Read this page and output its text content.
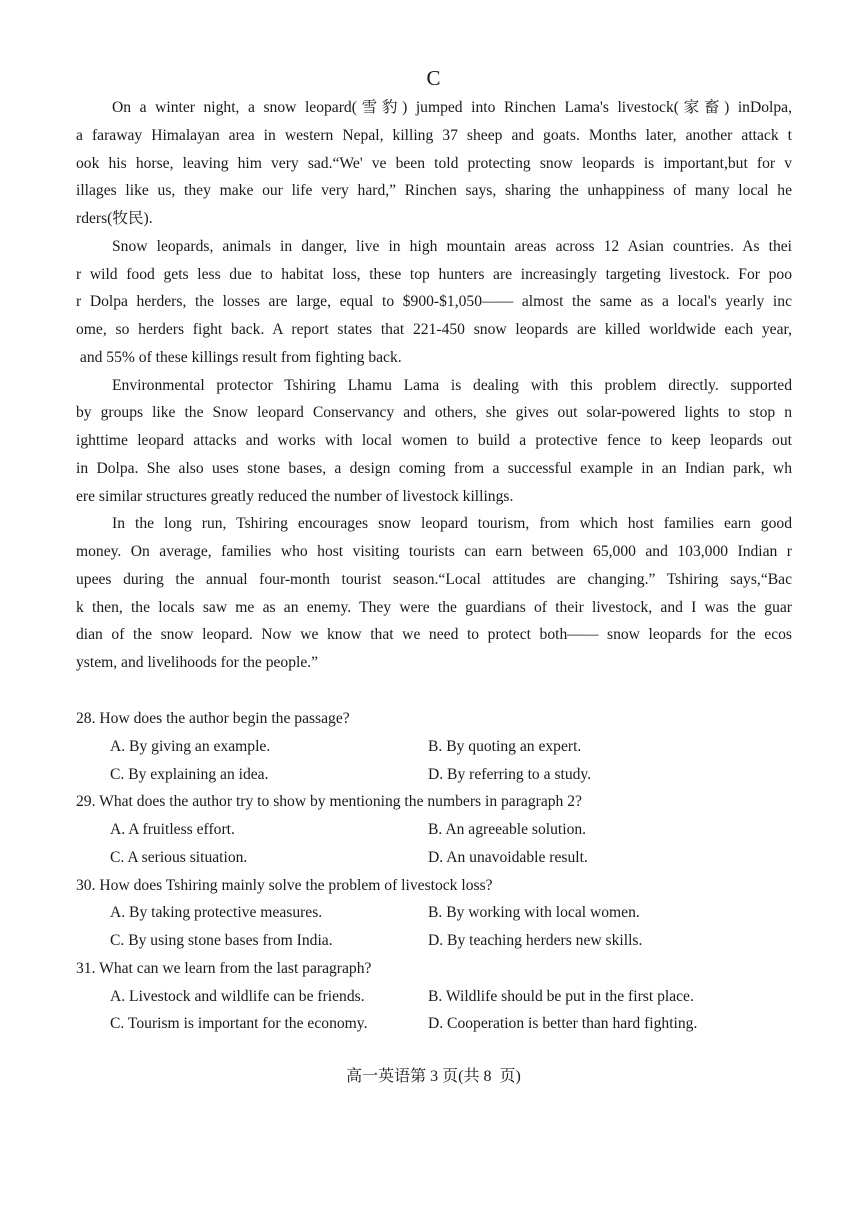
C
On a winter night, a snow leopard(雪豹) jumped into Rinchen Lama's livestock(家畜) inDolpa,
a faraway Himalayan area in western Nepal, killing 37 sheep and goats. Months later, another attack t
ook his horse, leaving him very sad.“We' ve been told protecting snow leopards is important,but for v
illages like us, they make our life very hard,” Rinchen says, sharing the unhappiness of many local he
rders(牧民).
Snow leopards, animals in danger, live in high mountain areas across 12 Asian countries. As thei
r wild food gets less due to habitat loss, these top hunters are increasingly targeting livestock. For poo
r Dolpa herders, the losses are large, equal to $900-$1,050—— almost the same as a local's yearly inc
ome, so herders fight back. A report states that 221-450 snow leopards are killed worldwide each year,
and 55% of these killings result from fighting back.
Environmental protector Tshiring Lhamu Lama is dealing with this problem directly. supported
by groups like the Snow leopard Conservancy and others, she gives out solar-powered lights to stop n
ighttime leopard attacks and works with local women to build a protective fence to keep leopards out
in Dolpa. She also uses stone bases, a design coming from a successful example in an Indian park, wh
ere similar structures greatly reduced the number of livestock killings.
In the long run, Tshiring encourages snow leopard tourism, from which host families earn good
money. On average, families who host visiting tourists can earn between 65,000 and 103,000 Indian r
upees during the annual four-month tourist season.“Local attitudes are changing.” Tshiring says,“Bac
k then, the locals saw me as an enemy. They were the guardians of their livestock, and I was the guar
dian of the snow leopard. Now we know that we need to protect both—— snow leopards for the ecos
ystem, and livelihoods for the people.”
28. How does the author begin the passage?
A. By giving an example.	B. By quoting an expert.
C. By explaining an idea.	D. By referring to a study.
29. What does the author try to show by mentioning the numbers in paragraph 2?
A. A fruitless effort.	B. An agreeable solution.
C. A serious situation.	D. An unavoidable result.
30. How does Tshiring mainly solve the problem of livestock loss?
A. By taking protective measures.	B. By working with local women.
C. By using stone bases from India.	D. By teaching herders new skills.
31. What can we learn from the last paragraph?
A. Livestock and wildlife can be friends.	B. Wildlife should be put in the first place.
C. Tourism is important for the economy.	D. Cooperation is better than hard fighting.
高一英语第 3 页(共 8  页)
